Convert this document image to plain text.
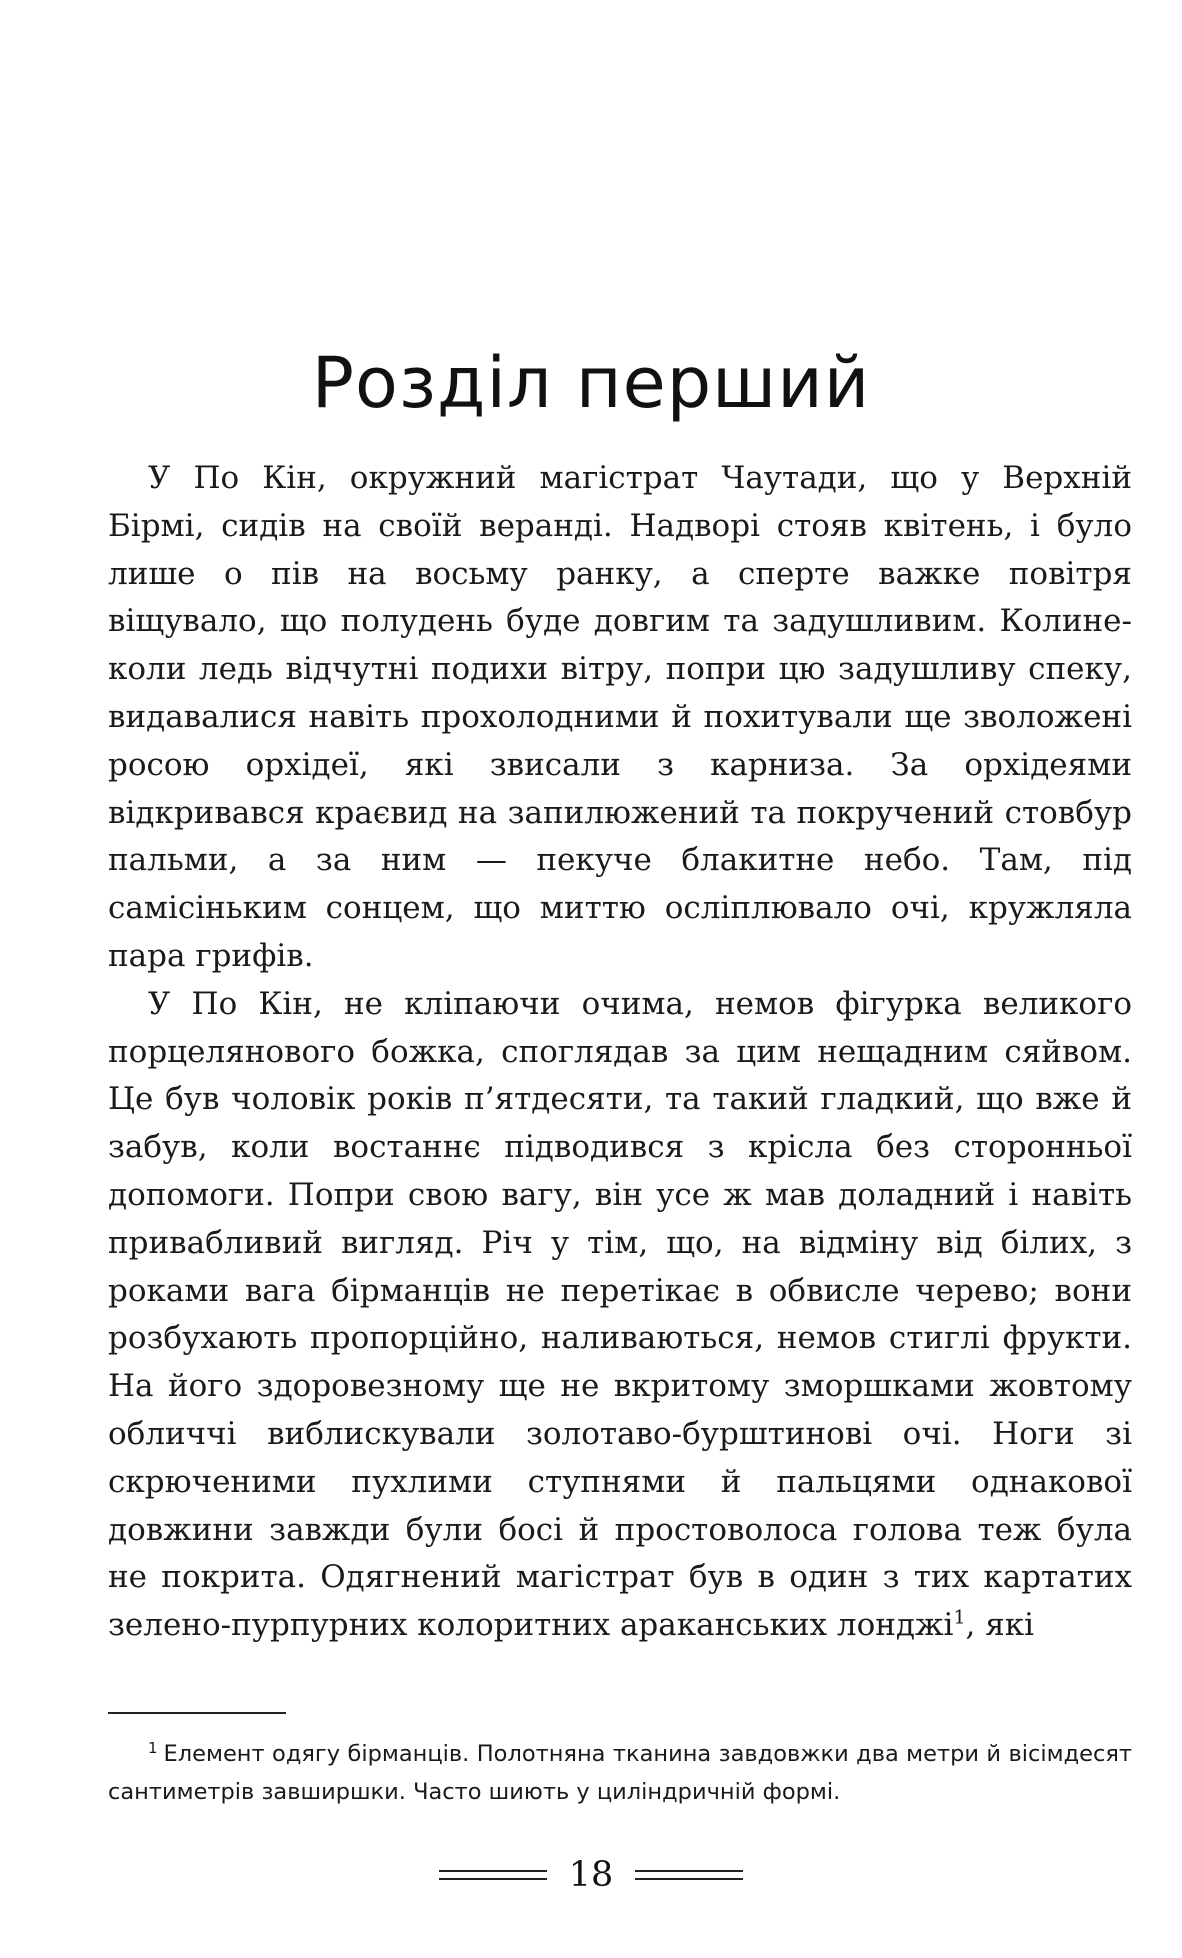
Розділ перший

У По Кін, окружний магістрат Чаутади, що у Верхній Бірмі, сидів на своїй веранді. Надворі стояв квітень, і було лише о пів на восьму ранку, а сперте важке повітря віщувало, що полудень буде довгим та задушливим. Колине-коли ледь відчутні подихи вітру, попри цю задушливу спеку, видавалися навіть прохолодними й похитували ще зволожені росою орхідеї, які звисали з карниза. За орхідеями відкривався краєвид на запилюжений та покручений стовбур пальми, а за ним — пекуче блакитне небо. Там, під самісіньким сонцем, що миттю осліплювало очі, кружляла пара грифів.

У По Кін, не кліпаючи очима, немов фігурка великого порцелянового божка, споглядав за цим нещадним сяйвом. Це був чоловік років п’ятдесяти, та такий гладкий, що вже й забув, коли востаннє підводився з крісла без сторонньої допомоги. Попри свою вагу, він усе ж мав доладний і навіть привабливий вигляд. Річ у тім, що, на відміну від білих, з роками вага бірманців не перетікає в обвисле черево; вони розбухають пропорційно, наливаються, немов стиглі фрукти. На його здоровезному ще не вкритому зморшками жовтому обличчі виблискували золотаво-бурштинові очі. Ноги зі скрюченими пухлими ступнями й пальцями однакової довжини завжди були босі й простоволоса голова теж була не покрита. Одягнений магістрат був в один з тих картатих зелено-пурпурних колоритних араканських лонджі$^1$, які

$^1$ Елемент одягу бірманців. Полотняна тканина завдовжки два метри й вісімдесят сантиметрів завширшки. Часто шиють у циліндричній формі.
18
